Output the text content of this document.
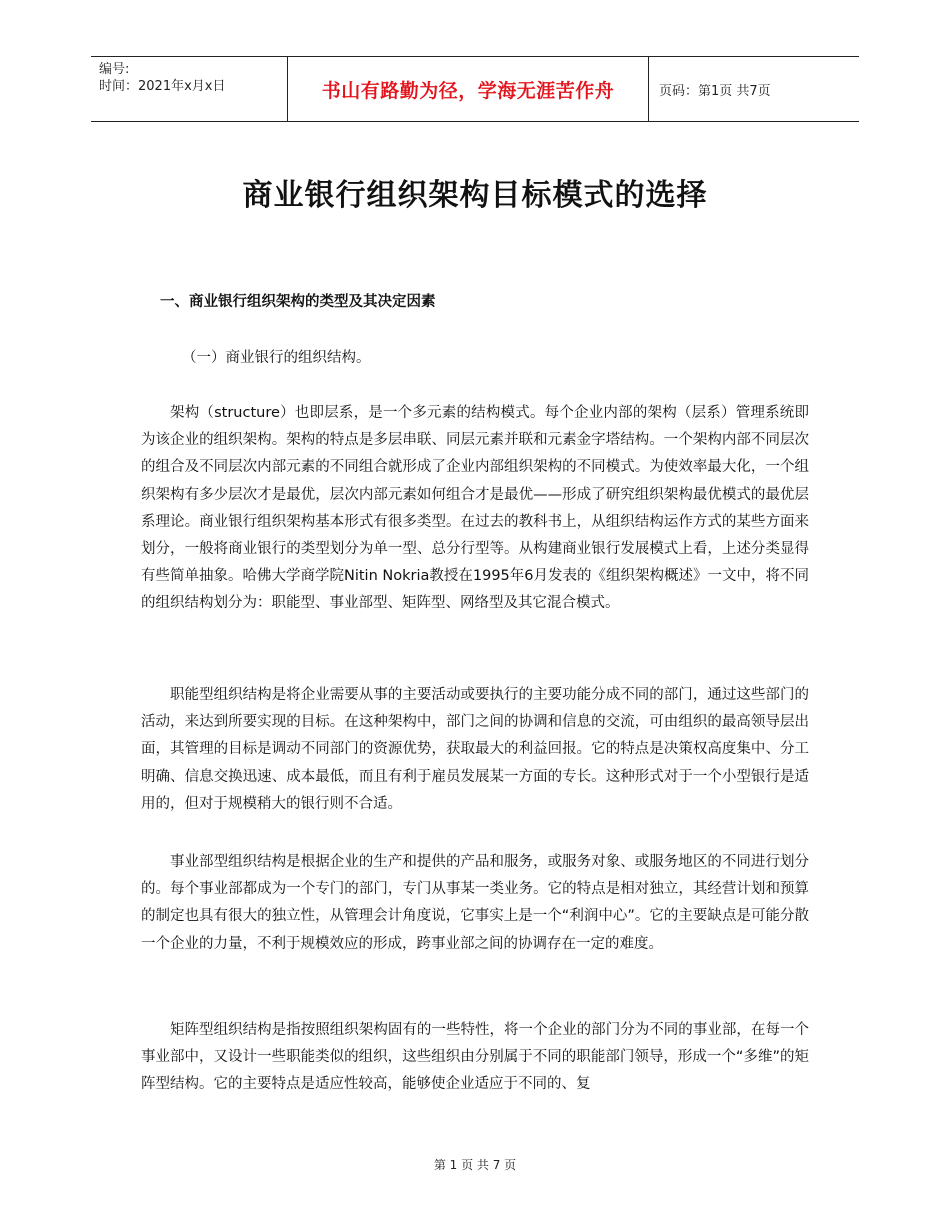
编号:
时间：2021年x月x日	书山有路勤为径，学海无涯苦作舟	页码：第1页 共7页
商业银行组织架构目标模式的选择
一、商业银行组织架构的类型及其决定因素
（一）商业银行的组织结构。

架构（structure）也即层系，是一个多元素的结构模式。每个企业内部的架构（层系）管理系统即为该企业的组织架构。架构的特点是多层串联、同层元素并联和元素金字塔结构。一个架构内部不同层次的组合及不同层次内部元素的不同组合就形成了企业内部组织架构的不同模式。为使效率最大化，一个组织架构有多少层次才是最优，层次内部元素如何组合才是最优——形成了研究组织架构最优模式的最优层系理论。商业银行组织架构基本形式有很多类型。在过去的教科书上，从组织结构运作方式的某些方面来划分，一般将商业银行的类型划分为单一型、总分行型等。从构建商业银行发展模式上看，上述分类显得有些简单抽象。哈佛大学商学院Nitin Nokria教授在1995年6月发表的《组织架构概述》一文中，将不同的组织结构划分为：职能型、事业部型、矩阵型、网络型及其它混合模式。

职能型组织结构是将企业需要从事的主要活动或要执行的主要功能分成不同的部门，通过这些部门的活动，来达到所要实现的目标。在这种架构中，部门之间的协调和信息的交流，可由组织的最高领导层出面，其管理的目标是调动不同部门的资源优势，获取最大的利益回报。它的特点是决策权高度集中、分工明确、信息交换迅速、成本最低，而且有利于雇员发展某一方面的专长。这种形式对于一个小型银行是适用的，但对于规模稍大的银行则不合适。

事业部型组织结构是根据企业的生产和提供的产品和服务，或服务对象、或服务地区的不同进行划分的。每个事业部都成为一个专门的部门，专门从事某一类业务。它的特点是相对独立，其经营计划和预算的制定也具有很大的独立性，从管理会计角度说，它事实上是一个“利润中心”。它的主要缺点是可能分散一个企业的力量，不利于规模效应的形成，跨事业部之间的协调存在一定的难度。

矩阵型组织结构是指按照组织架构固有的一些特性，将一个企业的部门分为不同的事业部，在每一个事业部中，又设计一些职能类似的组织，这些组织由分别属于不同的职能部门领导，形成一个“多维”的矩阵型结构。它的主要特点是适应性较高，能够使企业适应于不同的、复

第 1 页 共 7 页
